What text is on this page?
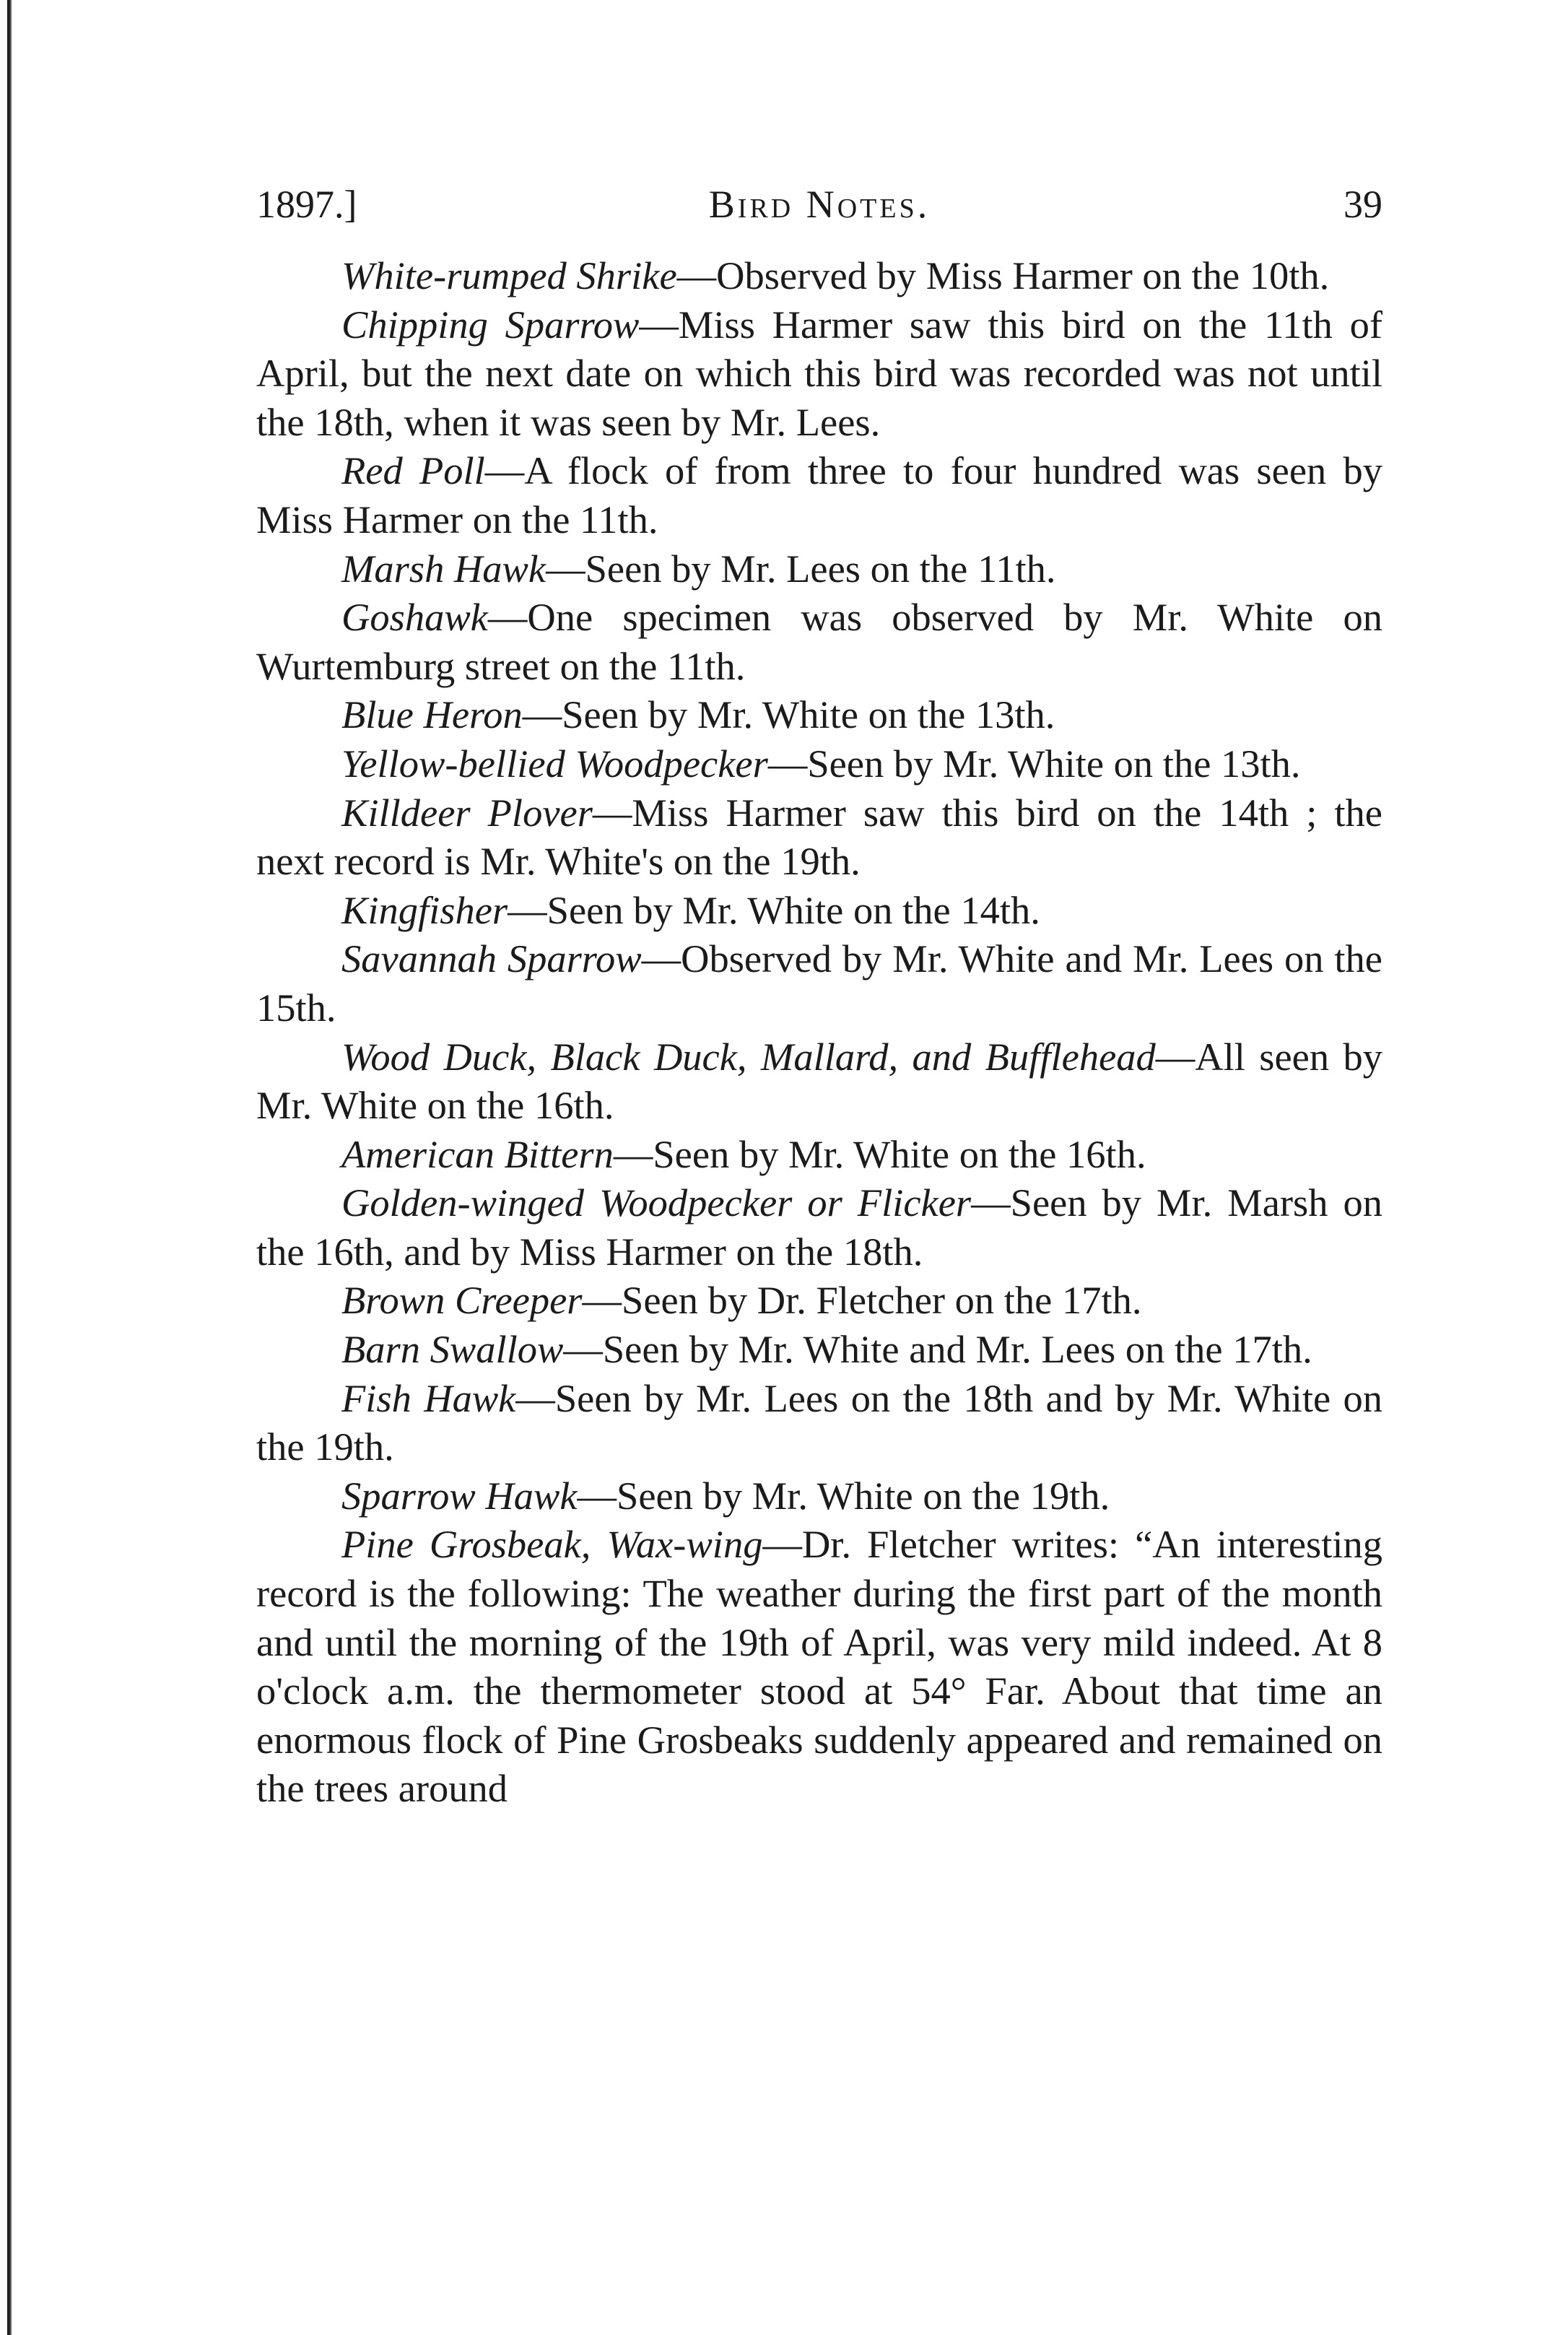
1897.]	Bird Notes.	39

White-rumped Shrike—Observed by Miss Harmer on the 10th.

Chipping Sparrow—Miss Harmer saw this bird on the 11th of April, but the next date on which this bird was recorded was not until the 18th, when it was seen by Mr. Lees.

Red Poll—A flock of from three to four hundred was seen by Miss Harmer on the 11th.

Marsh Hawk—Seen by Mr. Lees on the 11th.

Goshawk—One specimen was observed by Mr. White on Wurtemburg street on the 11th.

Blue Heron—Seen by Mr. White on the 13th.

Yellow-bellied Woodpecker—Seen by Mr. White on the 13th.

Killdeer Plover—Miss Harmer saw this bird on the 14th ; the next record is Mr. White's on the 19th.

Kingfisher—Seen by Mr. White on the 14th.

Savannah Sparrow—Observed by Mr. White and Mr. Lees on the 15th.

Wood Duck, Black Duck, Mallard, and Bufflehead—All seen by Mr. White on the 16th.

American Bittern—Seen by Mr. White on the 16th.

Golden-winged Woodpecker or Flicker—Seen by Mr. Marsh on the 16th, and by Miss Harmer on the 18th.

Brown Creeper—Seen by Dr. Fletcher on the 17th.

Barn Swallow—Seen by Mr. White and Mr. Lees on the 17th.

Fish Hawk—Seen by Mr. Lees on the 18th and by Mr. White on the 19th.

Sparrow Hawk—Seen by Mr. White on the 19th.

Pine Grosbeak, Wax-wing—Dr. Fletcher writes: “An interesting record is the following: The weather during the first part of the month and until the morning of the 19th of April, was very mild indeed. At 8 o'clock a.m. the thermometer stood at 54° Far. About that time an enormous flock of Pine Grosbeaks suddenly appeared and remained on the trees around
